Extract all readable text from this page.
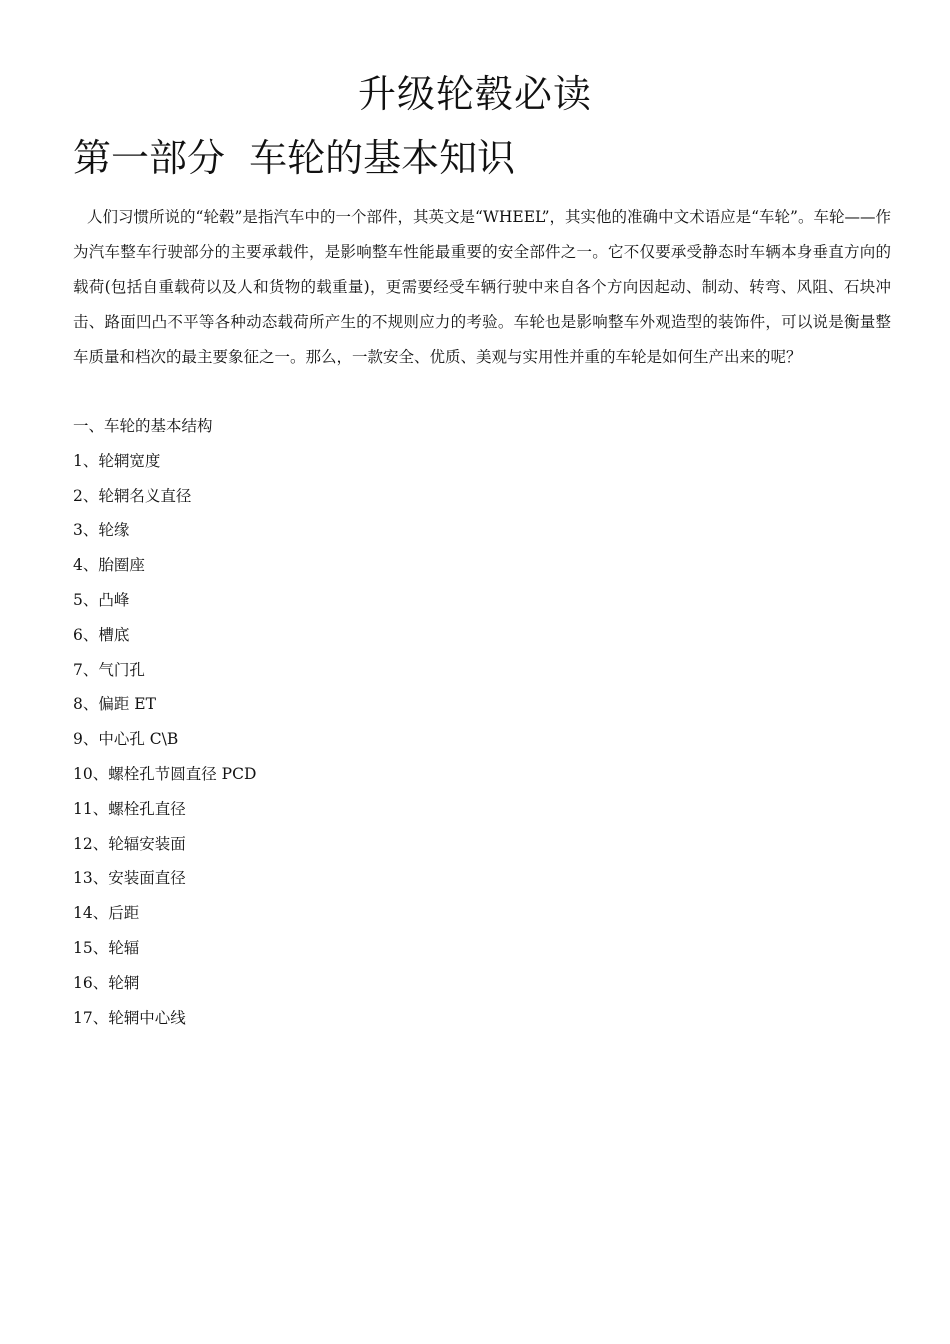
升级轮毂必读
第一部分  车轮的基本知识

人们习惯所说的“轮毂”是指汽车中的一个部件，其英文是“WHEEL”，其实他的准确中文术语应是“车轮”。车轮——作为汽车整车行驶部分的主要承载件，是影响整车性能最重要的安全部件之一。它不仅要承受静态时车辆本身垂直方向的载荷(包括自重载荷以及人和货物的载重量)，更需要经受车辆行驶中来自各个方向因起动、制动、转弯、风阻、石块冲击、路面凹凸不平等各种动态载荷所产生的不规则应力的考验。车轮也是影响整车外观造型的装饰件，可以说是衡量整车质量和档次的最主要象征之一。那么，一款安全、优质、美观与实用性并重的车轮是如何生产出来的呢？

一、车轮的基本结构
1、轮辋宽度
2、轮辋名义直径
3、轮缘
4、胎圈座
5、凸峰
6、槽底
7、气门孔
8、偏距 ET
9、中心孔 C\B
10、螺栓孔节圆直径 PCD
11、螺栓孔直径
12、轮辐安装面
13、安装面直径
14、后距
15、轮辐
16、轮辋
17、轮辋中心线
